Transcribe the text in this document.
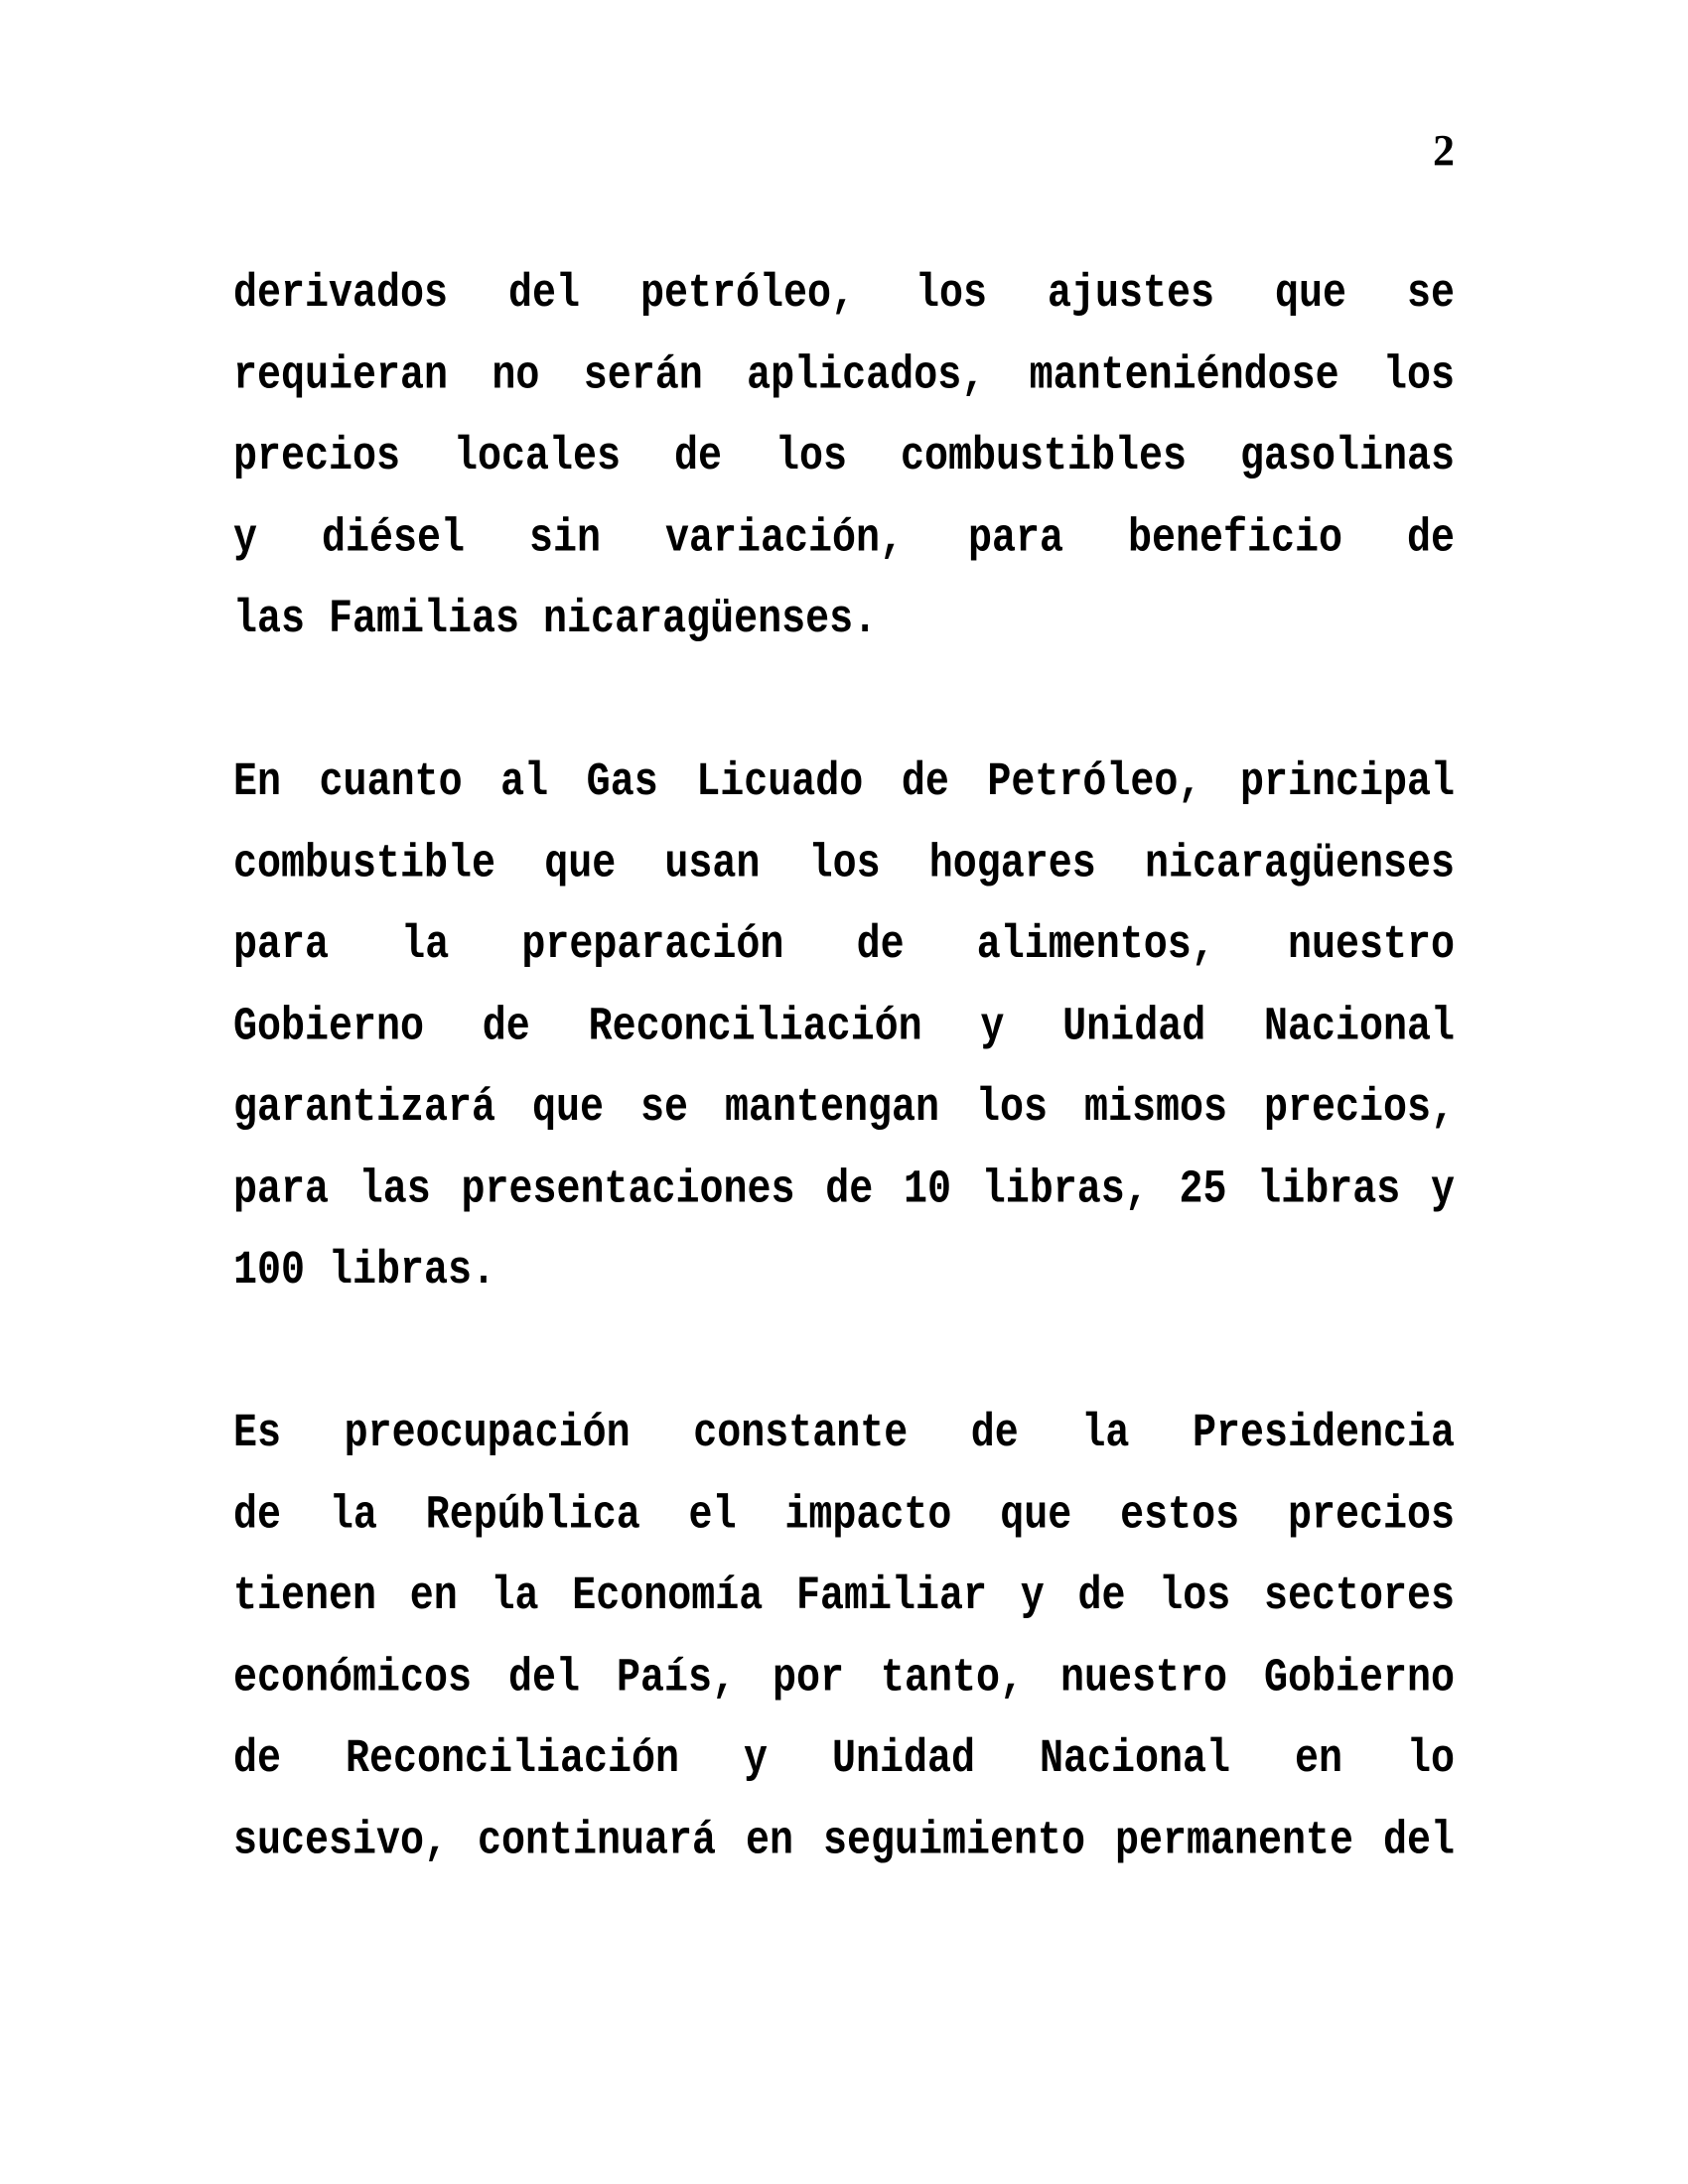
2
derivados del petróleo, los ajustes que se
requieran no serán aplicados, manteniéndose los
precios locales de los combustibles gasolinas
y diésel sin variación, para beneficio de
las Familias nicaragüenses.
En cuanto al Gas Licuado de Petróleo, principal
combustible que usan los hogares nicaragüenses
para la preparación de alimentos, nuestro
Gobierno de Reconciliación y Unidad Nacional
garantizará que se mantengan los mismos precios,
para las presentaciones de 10 libras, 25 libras y
100 libras.
Es preocupación constante de la Presidencia
de la República el impacto que estos precios
tienen en la Economía Familiar y de los sectores
económicos del País, por tanto, nuestro Gobierno
de Reconciliación y Unidad Nacional en lo
sucesivo, continuará en seguimiento permanente del
